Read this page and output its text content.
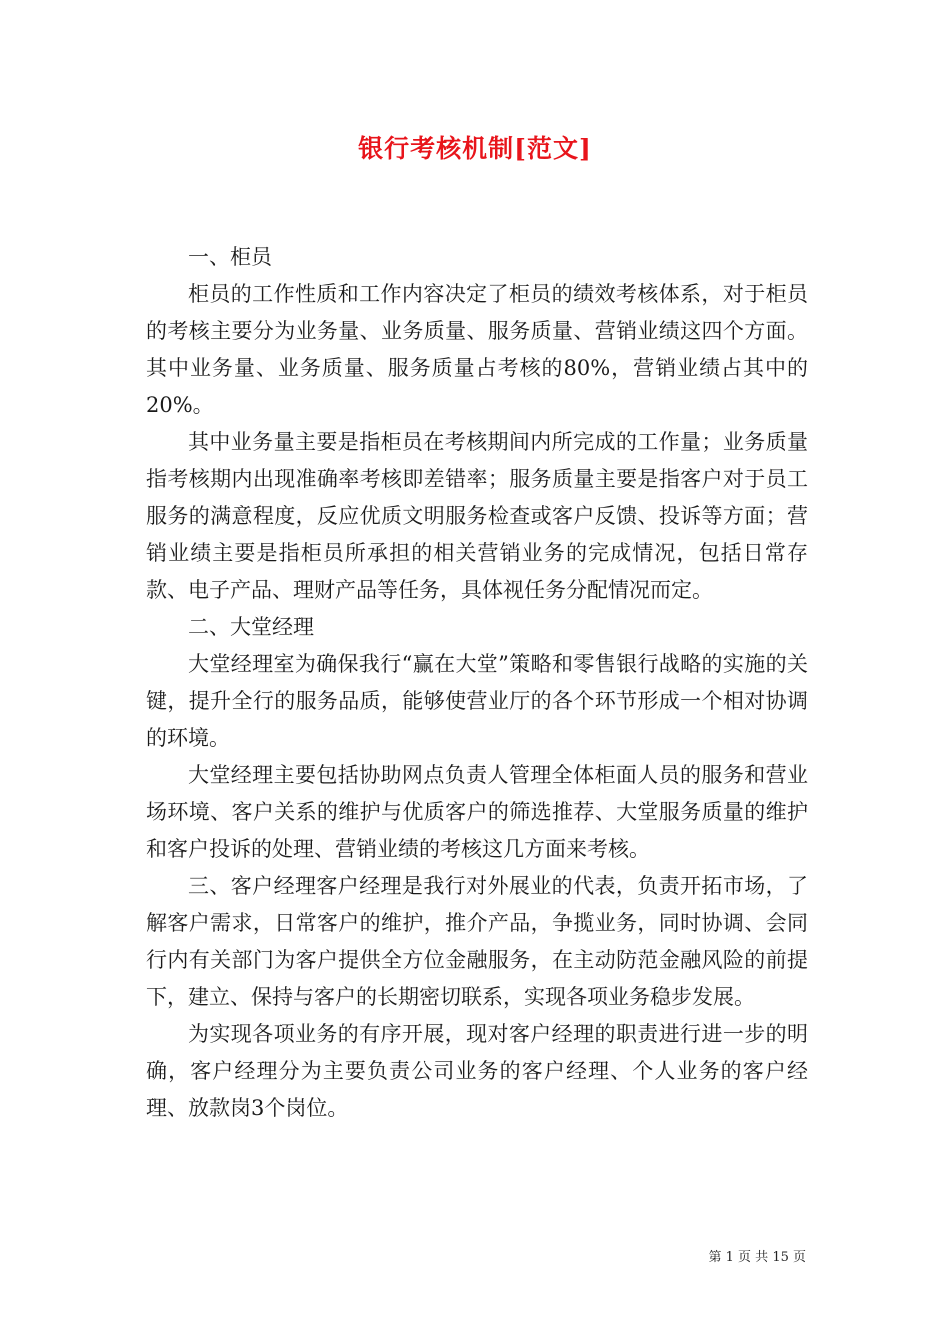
银行考核机制[范文]

一、柜员

柜员的工作性质和工作内容决定了柜员的绩效考核体系，对于柜员的考核主要分为业务量、业务质量、服务质量、营销业绩这四个方面。其中业务量、业务质量、服务质量占考核的80%，营销业绩占其中的20%。

其中业务量主要是指柜员在考核期间内所完成的工作量；业务质量指考核期内出现准确率考核即差错率；服务质量主要是指客户对于员工服务的满意程度，反应优质文明服务检查或客户反馈、投诉等方面；营销业绩主要是指柜员所承担的相关营销业务的完成情况，包括日常存款、电子产品、理财产品等任务，具体视任务分配情况而定。

二、大堂经理

大堂经理室为确保我行“赢在大堂”策略和零售银行战略的实施的关键，提升全行的服务品质，能够使营业厅的各个环节形成一个相对协调的环境。

大堂经理主要包括协助网点负责人管理全体柜面人员的服务和营业场环境、客户关系的维护与优质客户的筛选推荐、大堂服务质量的维护和客户投诉的处理、营销业绩的考核这几方面来考核。

三、客户经理客户经理是我行对外展业的代表，负责开拓市场，了解客户需求，日常客户的维护，推介产品，争揽业务，同时协调、会同行内有关部门为客户提供全方位金融服务，在主动防范金融风险的前提下，建立、保持与客户的长期密切联系，实现各项业务稳步发展。

为实现各项业务的有序开展，现对客户经理的职责进行进一步的明确，客户经理分为主要负责公司业务的客户经理、个人业务的客户经理、放款岗3个岗位。

第 1 页 共 15 页
